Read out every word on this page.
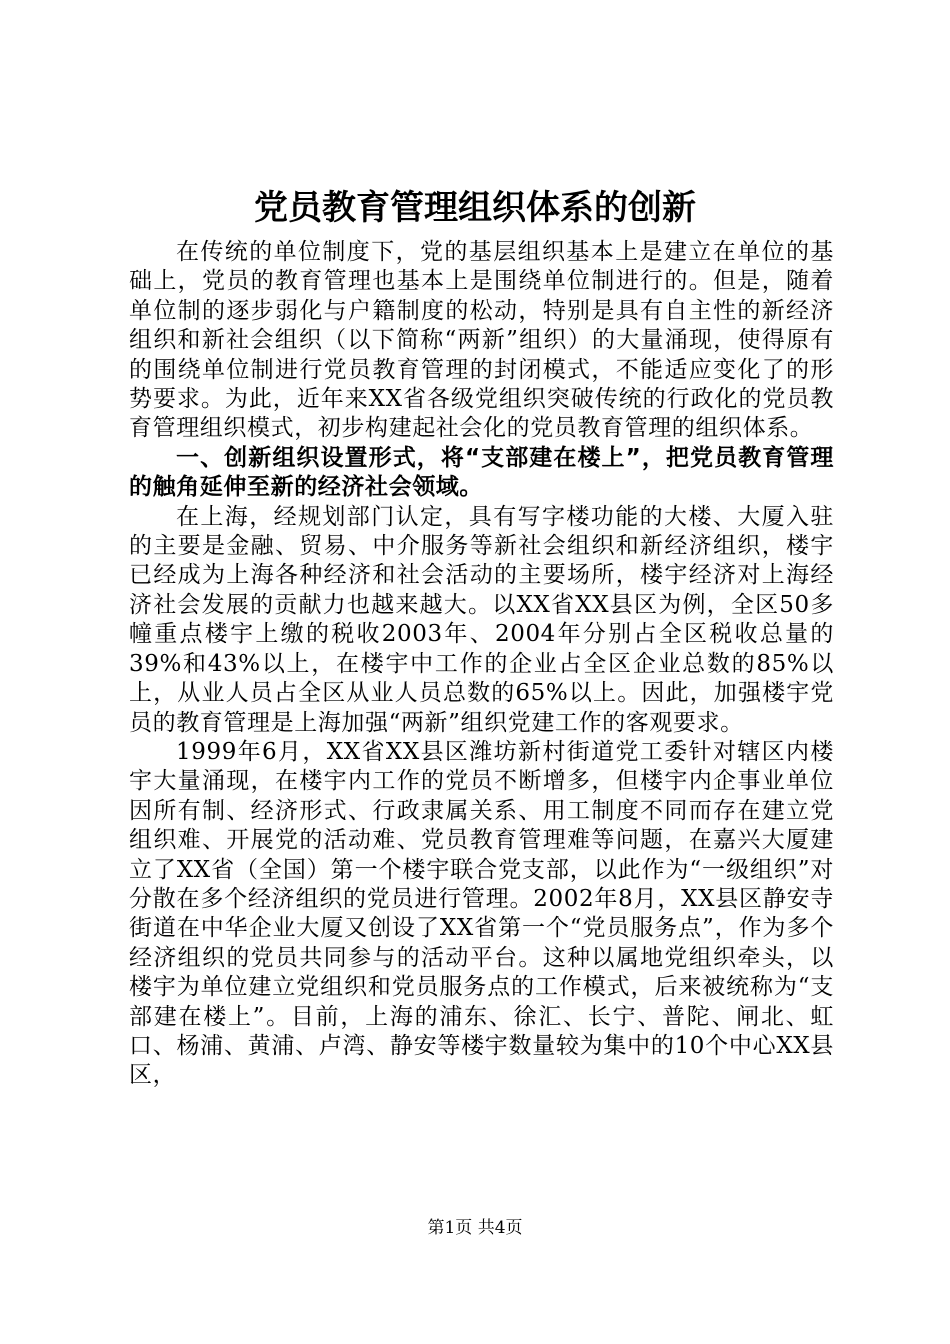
党员教育管理组织体系的创新

在传统的单位制度下，党的基层组织基本上是建立在单位的基础上，党员的教育管理也基本上是围绕单位制进行的。但是，随着单位制的逐步弱化与户籍制度的松动，特别是具有自主性的新经济组织和新社会组织（以下简称“两新”组织）的大量涌现，使得原有的围绕单位制进行党员教育管理的封闭模式，不能适应变化了的形势要求。为此，近年来XX省各级党组织突破传统的行政化的党员教育管理组织模式，初步构建起社会化的党员教育管理的组织体系。

一、创新组织设置形式，将“支部建在楼上”，把党员教育管理的触角延伸至新的经济社会领域。

在上海，经规划部门认定，具有写字楼功能的大楼、大厦入驻的主要是金融、贸易、中介服务等新社会组织和新经济组织，楼宇已经成为上海各种经济和社会活动的主要场所，楼宇经济对上海经济社会发展的贡献力也越来越大。以XX省XX县区为例，全区50多幢重点楼宇上缴的税收2003年、2004年分别占全区税收总量的39%和43%以上，在楼宇中工作的企业占全区企业总数的85%以上，从业人员占全区从业人员总数的65%以上。因此，加强楼宇党员的教育管理是上海加强“两新”组织党建工作的客观要求。

1999年6月，XX省XX县区潍坊新村街道党工委针对辖区内楼宇大量涌现，在楼宇内工作的党员不断增多，但楼宇内企事业单位因所有制、经济形式、行政隶属关系、用工制度不同而存在建立党组织难、开展党的活动难、党员教育管理难等问题，在嘉兴大厦建立了XX省（全国）第一个楼宇联合党支部，以此作为“一级组织”对分散在多个经济组织的党员进行管理。2002年8月，XX县区静安寺街道在中华企业大厦又创设了XX省第一个“党员服务点”，作为多个经济组织的党员共同参与的活动平台。这种以属地党组织牵头，以楼宇为单位建立党组织和党员服务点的工作模式，后来被统称为“支部建在楼上”。目前，上海的浦东、徐汇、长宁、普陀、闸北、虹口、杨浦、黄浦、卢湾、静安等楼宇数量较为集中的10个中心XX县区，

第1页 共4页
